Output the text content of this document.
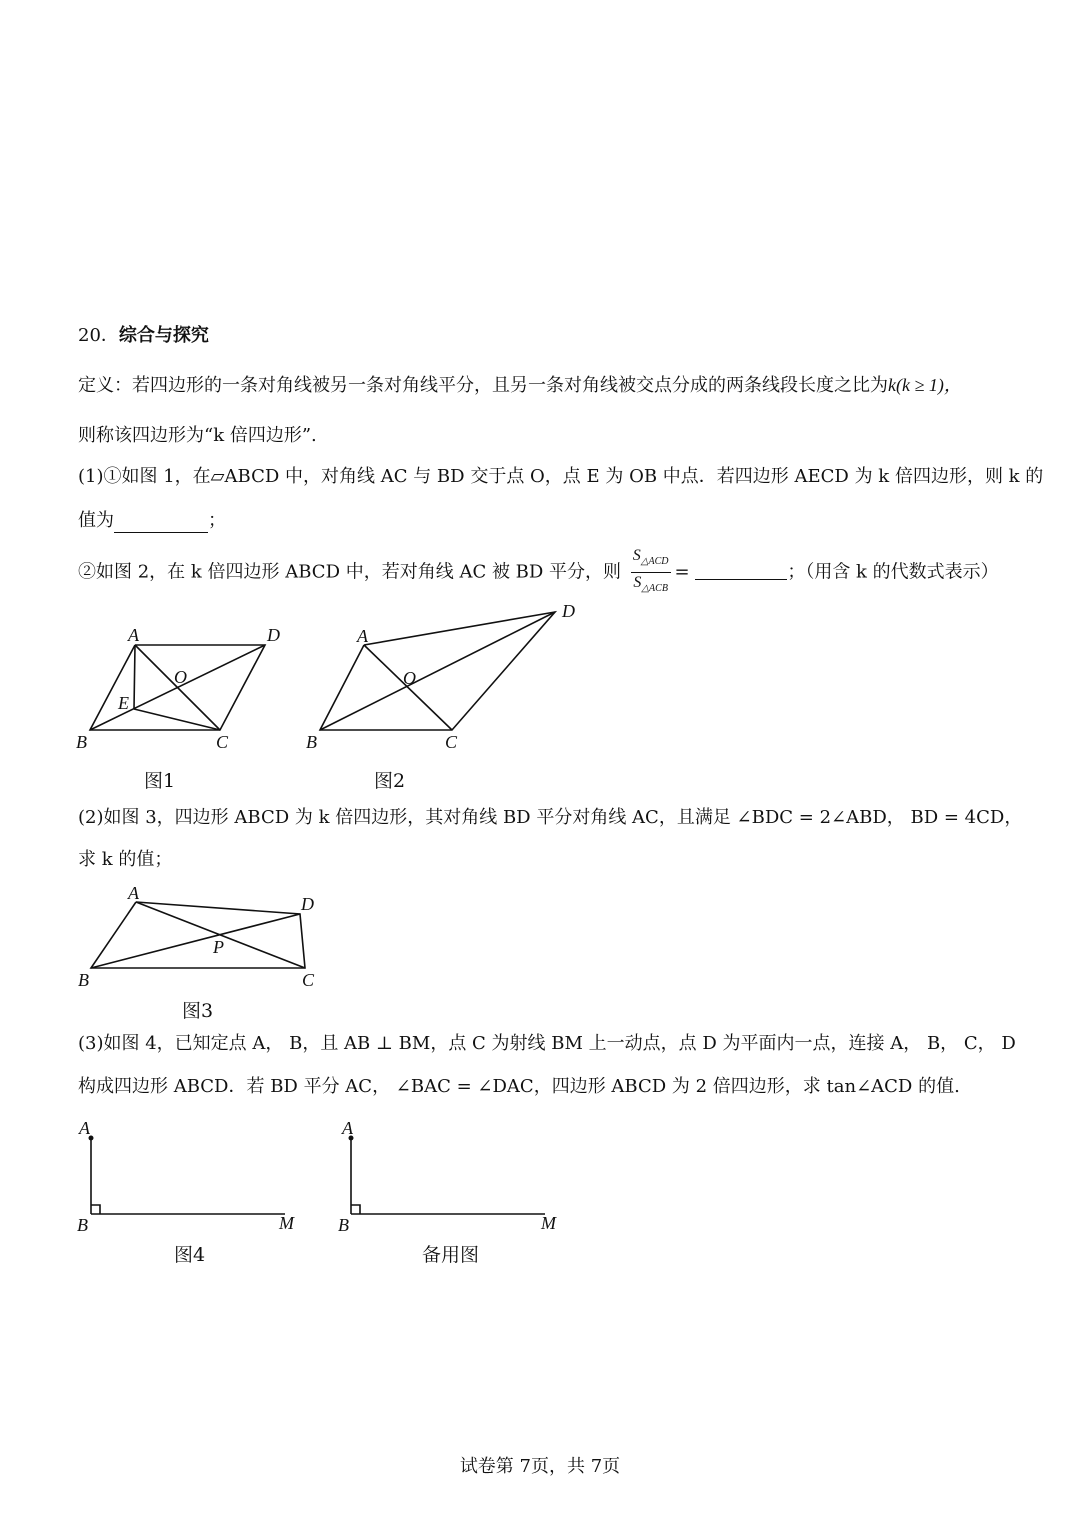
20．综合与探究
定义：若四边形的一条对角线被另一条对角线平分，且另一条对角线被交点分成的两条线段长度之比为k(k ≥ 1)，
则称该四边形为“k 倍四边形”.
(1)①如图 1，在▱ABCD 中，对角线 AC 与 BD 交于点 O，点 E 为 OB 中点．若四边形 AECD 为 k 倍四边形，则 k 的
值为	；
②如图 2，在 k 倍四边形 ABCD 中，若对角线 AC 被 BD 平分，则 $\frac{S_{\triangle ACD}}{S_{\triangle ACB}}$ =	；（用含 k 的代数式表示）
A	D
B	C
O
E
图1
A
D
B	C
O
图2
(2)如图 3，四边形 ABCD 为 k 倍四边形，其对角线 BD 平分对角线 AC，且满足 ∠BDC = 2∠ABD， BD = 4CD，
求 k 的值；
A
D
B	C
P
图3
(3)如图 4，已知定点 A， B，且 AB ⊥ BM，点 C 为射线 BM 上一动点，点 D 为平面内一点，连接 A， B， C， D
构成四边形 ABCD．若 BD 平分 AC， ∠BAC = ∠DAC，四边形 ABCD 为 2 倍四边形，求 tan∠ACD 的值.
A
B	M
图4
A
B	M
备用图
试卷第 7页，共 7页
